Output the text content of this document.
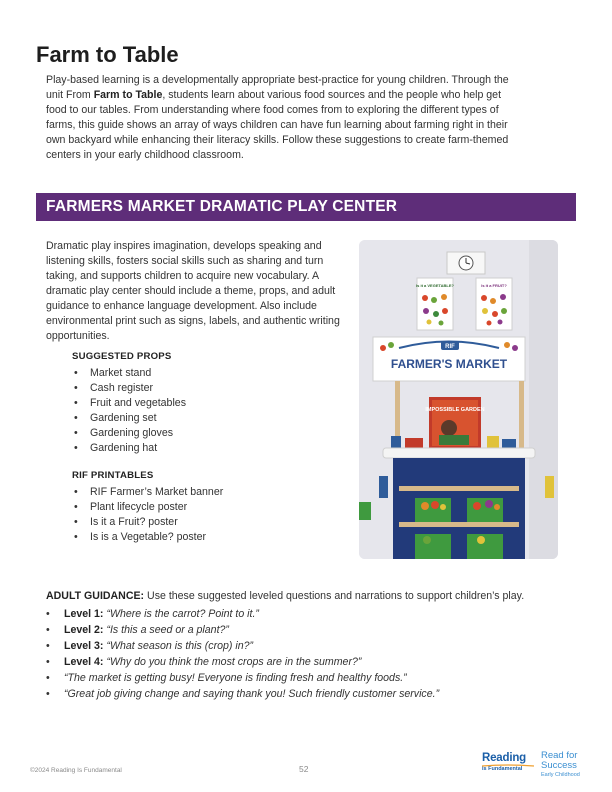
Farm to Table
Play-based learning is a developmentally appropriate best-practice for young children. Through the unit From Farm to Table, students learn about various food sources and the people who help get food to our tables. From understanding where food comes from to exploring the different types of farms, this guide shows an array of ways children can have fun learning about farming right in their own backyard while enhancing their literacy skills. Follow these suggestions to create farm-themed centers in your early childhood classroom.
FARMERS MARKET DRAMATIC PLAY CENTER
Dramatic play inspires imagination, develops speaking and listening skills, fosters social skills such as sharing and turn taking, and supports children to acquire new vocabulary. A dramatic play center should include a theme, props, and adult guidance to enhance language development. Also include environmental print such as signs, labels, and authentic writing opportunities.
SUGGESTED PROPS
• Market stand
• Cash register
• Fruit and vegetables
• Gardening set
• Gardening gloves
• Gardening hat
RIF PRINTABLES
• RIF Farmer’s Market banner
• Plant lifecycle poster
• Is it a Fruit? poster
• Is is a Vegetable? poster
Is it a VEGETABLE?	Is it a FRUIT?
RIF
FARMER'S MARKET
IMPOSSIBLE GARDEN
ADULT GUIDANCE: Use these suggested leveled questions and narrations to support children’s play.
• Level 1: “Where is the carrot? Point to it.”
• Level 2: “Is this a seed or a plant?”
• Level 3: “What season is this (crop) in?”
• Level 4: “Why do you think the most crops are in the summer?”
• “The market is getting busy! Everyone is finding fresh and healthy foods.”
• “Great job giving change and saying thank you! Such friendly customer service.”
©2024 Reading Is Fundamental	52
Reading
Is Fundamental
Read for
Success
Early Childhood
